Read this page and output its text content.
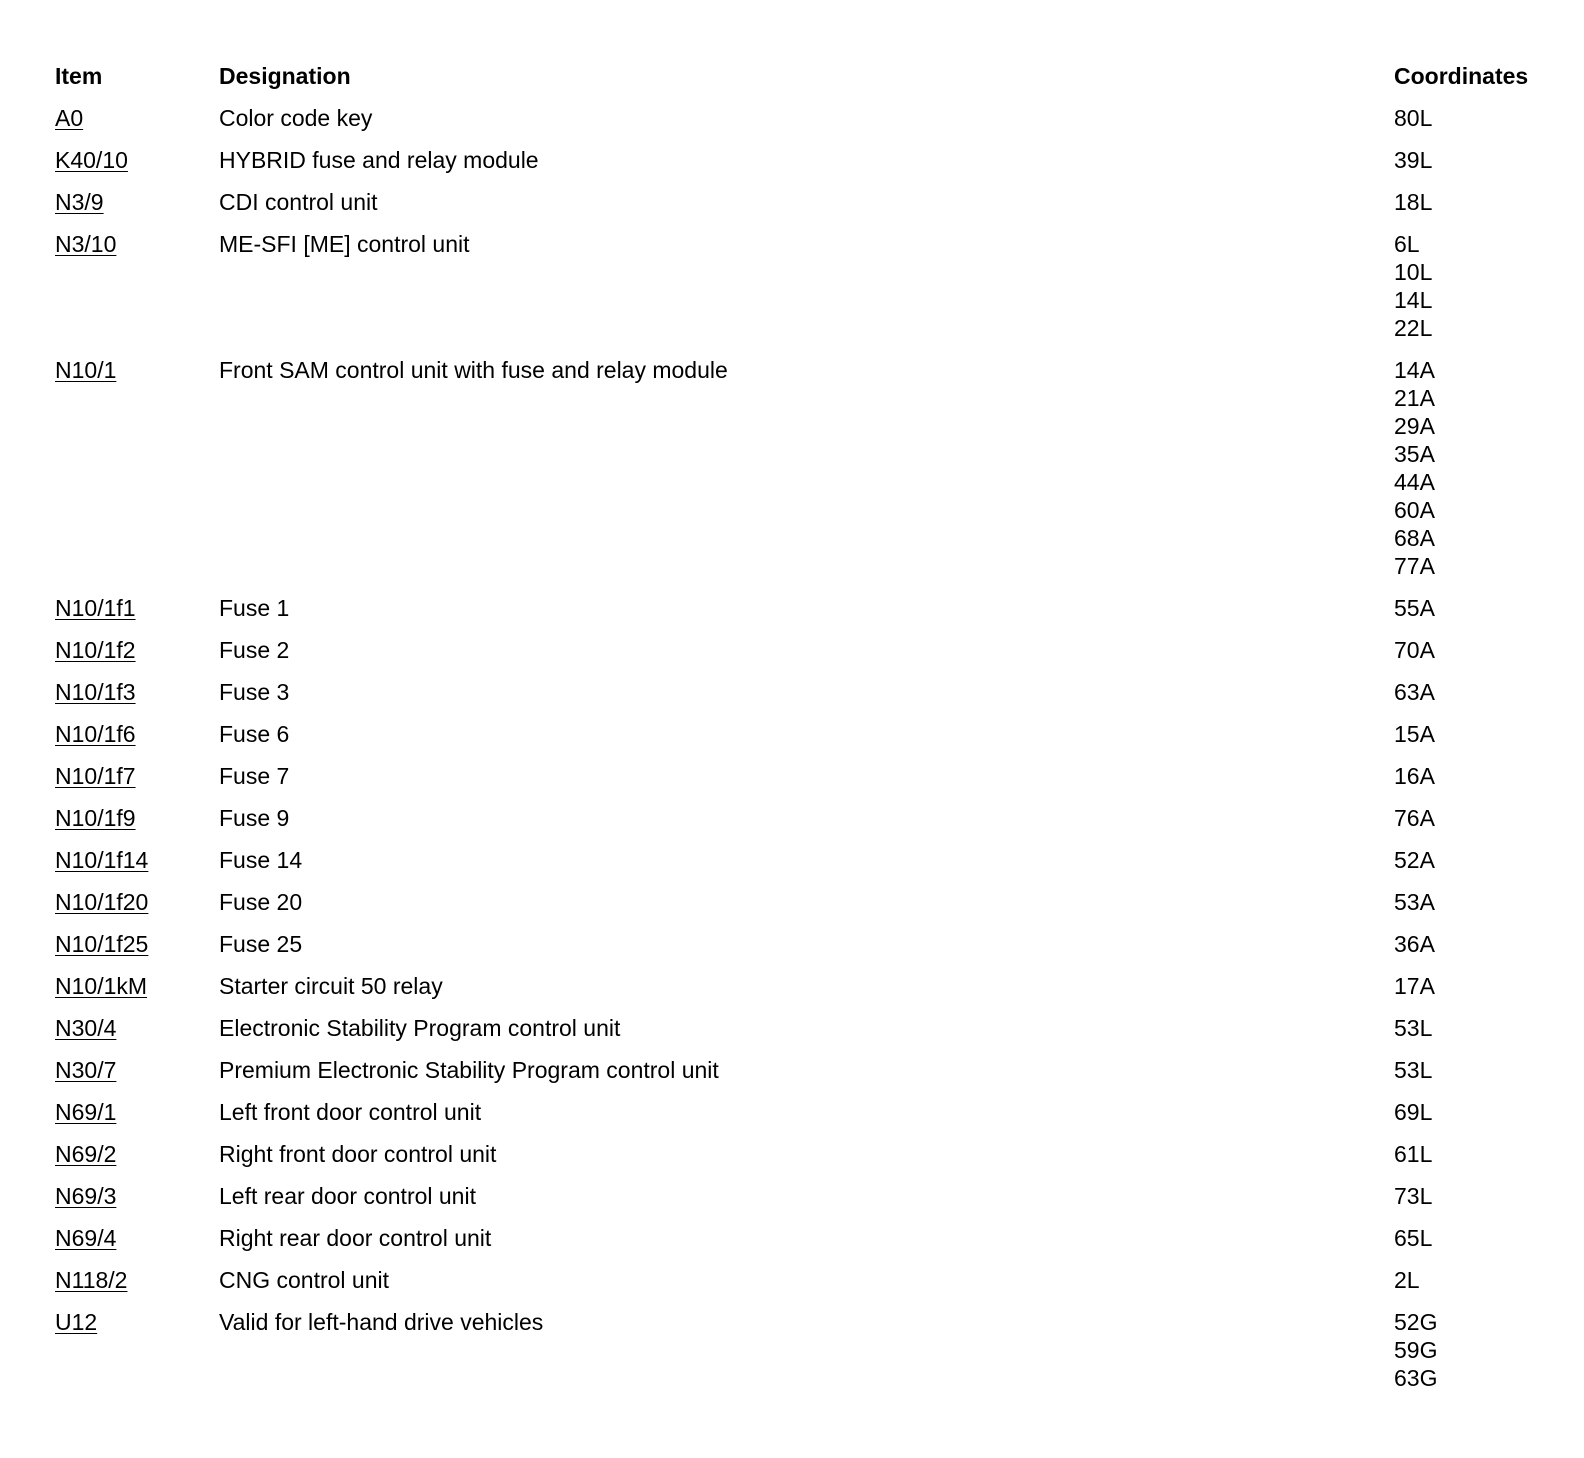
Item	Designation	Coordinates
A0	Color code key	80L
K40/10	HYBRID fuse and relay module	39L
N3/9	CDI control unit	18L
N3/10	ME-SFI [ME] control unit	6L
10L
14L
22L
N10/1	Front SAM control unit with fuse and relay module	14A
21A
29A
35A
44A
60A
68A
77A
N10/1f1	Fuse 1	55A
N10/1f2	Fuse 2	70A
N10/1f3	Fuse 3	63A
N10/1f6	Fuse 6	15A
N10/1f7	Fuse 7	16A
N10/1f9	Fuse 9	76A
N10/1f14	Fuse 14	52A
N10/1f20	Fuse 20	53A
N10/1f25	Fuse 25	36A
N10/1kM	Starter circuit 50 relay	17A
N30/4	Electronic Stability Program control unit	53L
N30/7	Premium Electronic Stability Program control unit	53L
N69/1	Left front door control unit	69L
N69/2	Right front door control unit	61L
N69/3	Left rear door control unit	73L
N69/4	Right rear door control unit	65L
N118/2	CNG control unit	2L
U12	Valid for left-hand drive vehicles	52G
59G
63G
